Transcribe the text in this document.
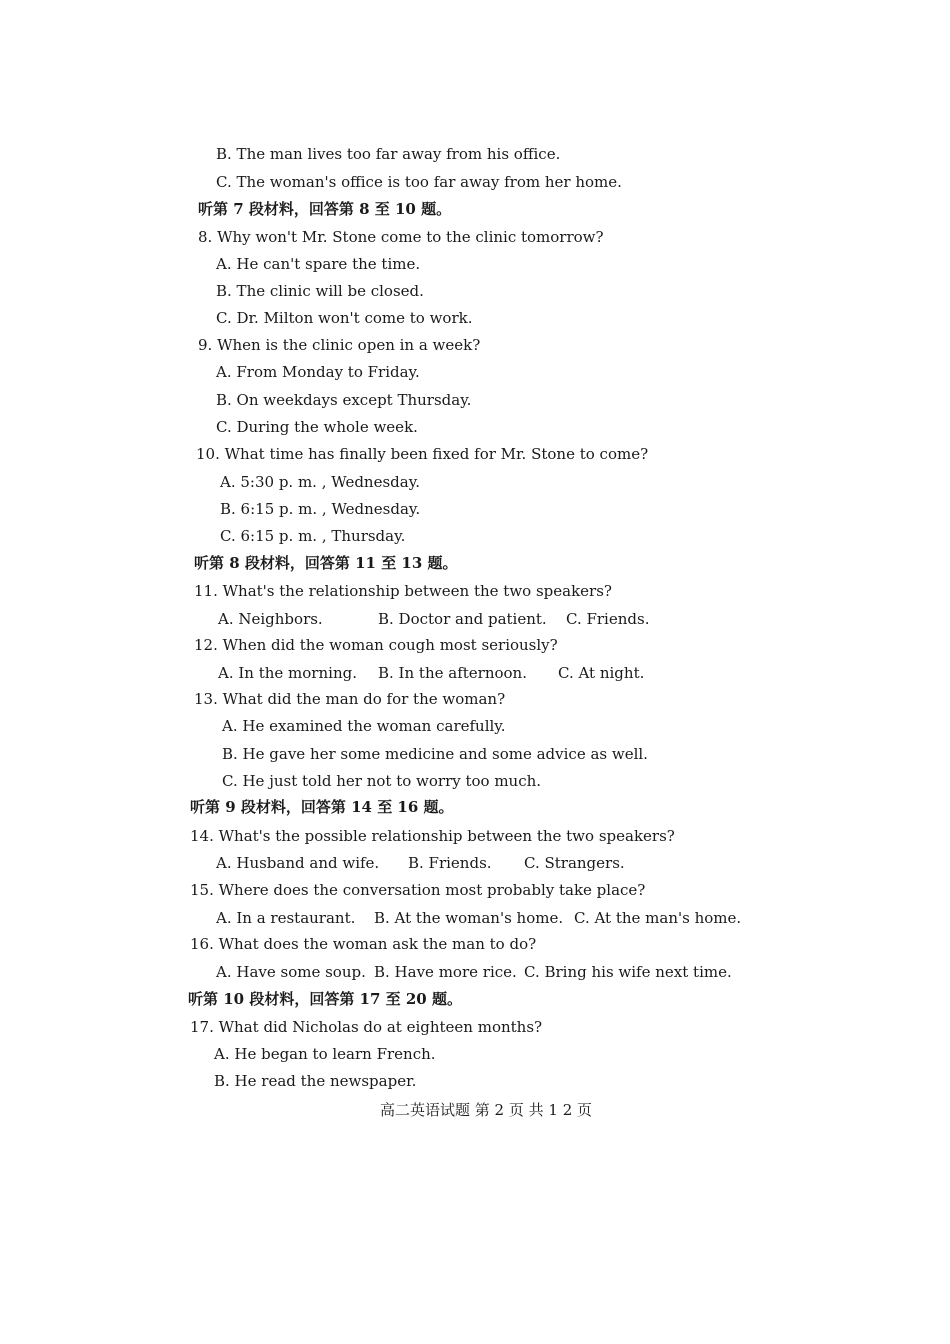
B. The man lives too far away from his office.
C. The woman's office is too far away from her home.
听第 7 段材料，回答第 8 至 10 题。
8. Why won't Mr. Stone come to the clinic tomorrow?
A. He can't spare the time.
B. The clinic will be closed.
C. Dr. Milton won't come to work.
9. When is the clinic open in a week?
A. From Monday to Friday.
B. On weekdays except Thursday.
C. During the whole week.
10. What time has finally been fixed for Mr. Stone to come?
A. 5:30 p. m. , Wednesday.
B. 6:15 p. m. , Wednesday.
C. 6:15 p. m. , Thursday.
听第 8 段材料，回答第 11 至 13 题。
11. What's the relationship between the two speakers?
A. Neighbors.	B. Doctor and patient. C. Friends.
12. When did the woman cough most seriously?
A. In the morning. B. In the afternoon. C. At night.
13. What did the man do for the woman?
A. He examined the woman carefully.
B. He gave her some medicine and some advice as well.
C. He just told her not to worry too much.
听第 9 段材料，回答第 14 至 16 题。
14. What's the possible relationship between the two speakers?
A. Husband and wife. B. Friends. C. Strangers.
15. Where does the conversation most probably take place?
A. In a restaurant. B. At the woman's home. C. At the man's home.
16. What does the woman ask the man to do?
A. Have some soup. B. Have more rice. C. Bring his wife next time.
听第 10 段材料，回答第 17 至 20 题。
17. What did Nicholas do at eighteen months?
A. He began to learn French.
B. He read the newspaper.
高二英语试题 第 2 页 共 1 2 页
